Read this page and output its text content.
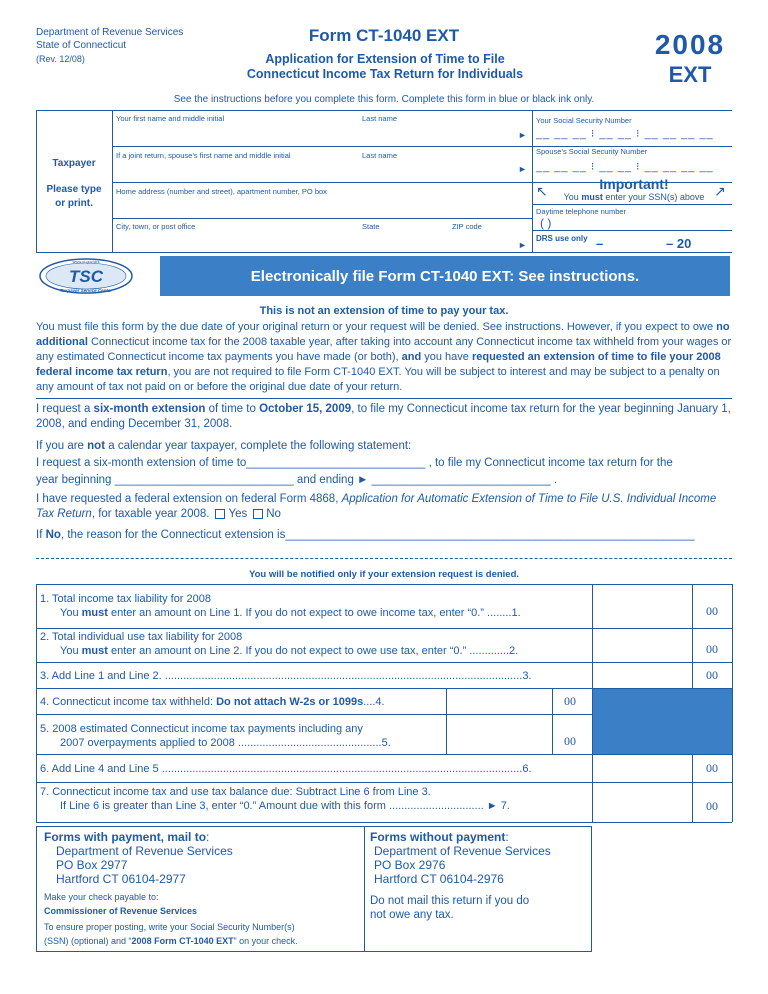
Department of Revenue Services
State of Connecticut
(Rev. 12/08)
Form CT-1040 EXT
Application for Extension of Time to File
Connecticut Income Tax Return for Individuals
2008
EXT
See the instructions before you complete this form. Complete this form in blue or black ink only.
Taxpayer
Please type
or print.
Your first name and middle initial	Last name
►
Your Social Security Number
__ __ __ ⁝ __ __ ⁝ __ __ __ __
If a joint return, spouse’s first name and middle initial	Last name
►
Spouse’s Social Security Number
__ __ __ ⁝ __ __ ⁝ __ __ __ __
Important!
↖	↗
You must enter your SSN(s) above
Home address (number and street), apartment number, PO box
Daytime telephone number
( )
City, town, or post office	State	ZIP code
►
DRS use only –	– 20
TSC
www.ct.gov/drs
Taxpayer Service Center
Electronically file Form CT-1040 EXT: See instructions.
This is not an extension of time to pay your tax.
You must file this form by the due date of your original return or your request will be denied. See instructions. However, if you expect to owe no additional Connecticut income tax for the 2008 taxable year, after taking into account any Connecticut income tax withheld from your wages or any estimated Connecticut income tax payments you have made (or both), and you have requested an extension of time to file your 2008 federal income tax return, you are not required to file Form CT-1040 EXT. You will be subject to interest and may be subject to a penalty on any amount of tax not paid on or before the original due date of your return.
I request a six-month extension of time to October 15, 2009, to file my Connecticut income tax return for the year beginning January 1, 2008, and ending December 31, 2008.
If you are not a calendar year taxpayer, complete the following statement:
I request a six-month extension of time to____________________________ , to file my Connecticut income tax return for the
year beginning ____________________________ and ending ► ____________________________ .
I have requested a federal extension on federal Form 4868, Application for Automatic Extension of Time to File U.S. Individual Income Tax Return, for taxable year 2008. Yes No
If No, the reason for the Connecticut extension is________________________________________________________________
You will be notified only if your extension request is denied.
1. Total income tax liability for 2008
You must enter an amount on Line 1. If you do not expect to owe income tax, enter “0.” ........1.	00
2. Total individual use tax liability for 2008
You must enter an amount on Line 2. If you do not expect to owe use tax, enter “0.” .............2.	00
3. Add Line 1 and Line 2. .....................................................................................................................3.	00
4. Connecticut income tax withheld: Do not attach W-2s or 1099s....4.	00
5. 2008 estimated Connecticut income tax payments including any
2007 overpayments applied to 2008 ...............................................5.	00
6. Add Line 4 and Line 5 ......................................................................................................................6.	00
7. Connecticut income tax and use tax balance due: Subtract Line 6 from Line 3.
If Line 6 is greater than Line 3, enter “0.” Amount due with this form ............................... ► 7.	00
Forms with payment, mail to:
Department of Revenue Services
PO Box 2977
Hartford CT 06104-2977
Make your check payable to:
Commissioner of Revenue Services
To ensure proper posting, write your Social Security Number(s)
(SSN) (optional) and “2008 Form CT-1040 EXT” on your check.
Forms without payment:
Department of Revenue Services
PO Box 2976
Hartford CT 06104-2976
Do not mail this return if you do
not owe any tax.
